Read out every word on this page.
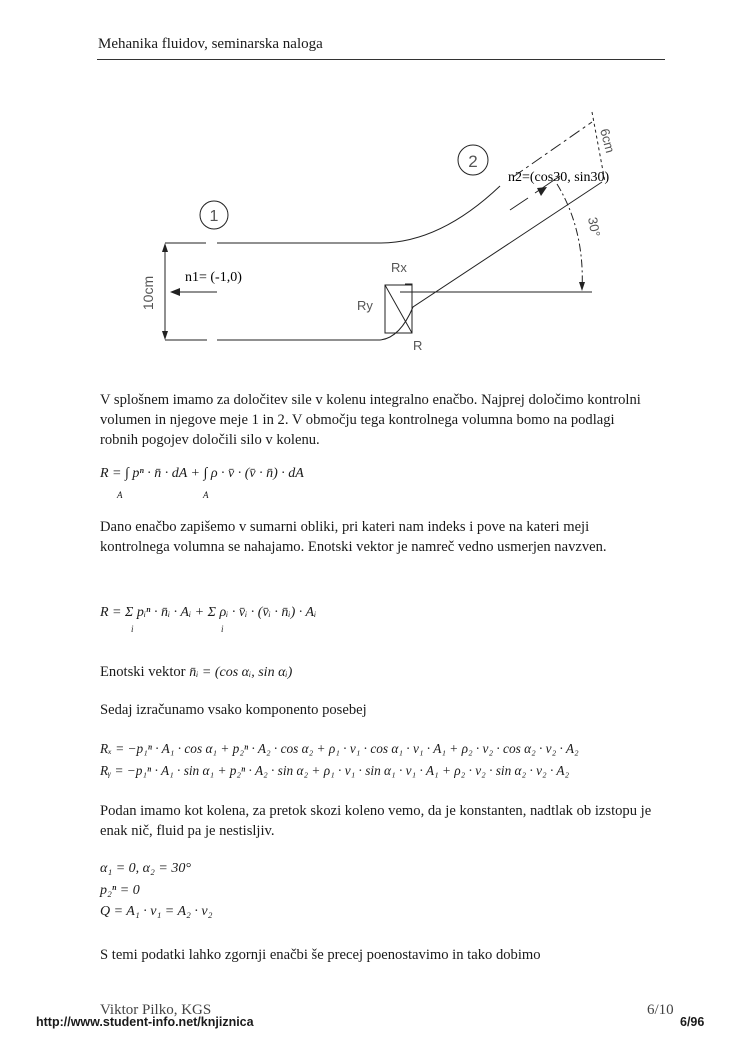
Mehanika fluidov, seminarska naloga
1
2
n1= (-1,0)
n2=(cos30, sin30)
10cm
6cm
30°
Rx
Ry
R
V splošnem imamo za določitev sile v kolenu integralno enačbo. Najprej določimo kontrolni
volumen in njegove meje 1 in 2. V območju tega kontrolnega volumna bomo na podlagi
robnih pogojev določili silo v kolenu.
R = ∫ pⁿ · n̄ · dA + ∫ ρ · v̄ · (v̄ · n̄) · dA
A	A
Dano enačbo zapišemo v sumarni obliki, pri kateri nam indeks i pove na kateri meji
kontrolnega volumna se nahajamo. Enotski vektor je namreč vedno usmerjen navzven.
R = Σ pᵢⁿ · n̄ᵢ · Aᵢ + Σ ρᵢ · v̄ᵢ · (v̄ᵢ · n̄ᵢ) · Aᵢ
i	i
Enotski vektor n̄ᵢ = (cos αᵢ, sin αᵢ)
Sedaj izračunamo vsako komponento posebej
Rₓ = −p₁ⁿ · A₁ · cos α₁ + p₂ⁿ · A₂ · cos α₂ + ρ₁ · v₁ · cos α₁ · v₁ · A₁ + ρ₂ · v₂ · cos α₂ · v₂ · A₂
Rᵧ = −p₁ⁿ · A₁ · sin α₁ + p₂ⁿ · A₂ · sin α₂ + ρ₁ · v₁ · sin α₁ · v₁ · A₁ + ρ₂ · v₂ · sin α₂ · v₂ · A₂
Podan imamo kot kolena, za pretok skozi koleno vemo, da je konstanten, nadtlak ob izstopu je
enak nič, fluid pa je nestisljiv.
α₁ = 0, α₂ = 30°
p₂ⁿ = 0
Q = A₁ · v₁ = A₂ · v₂
S temi podatki lahko zgornji enačbi še precej poenostavimo in tako dobimo
Viktor Pilko, KGS	6/10
http://www.student-info.net/knjiznica	6/96
